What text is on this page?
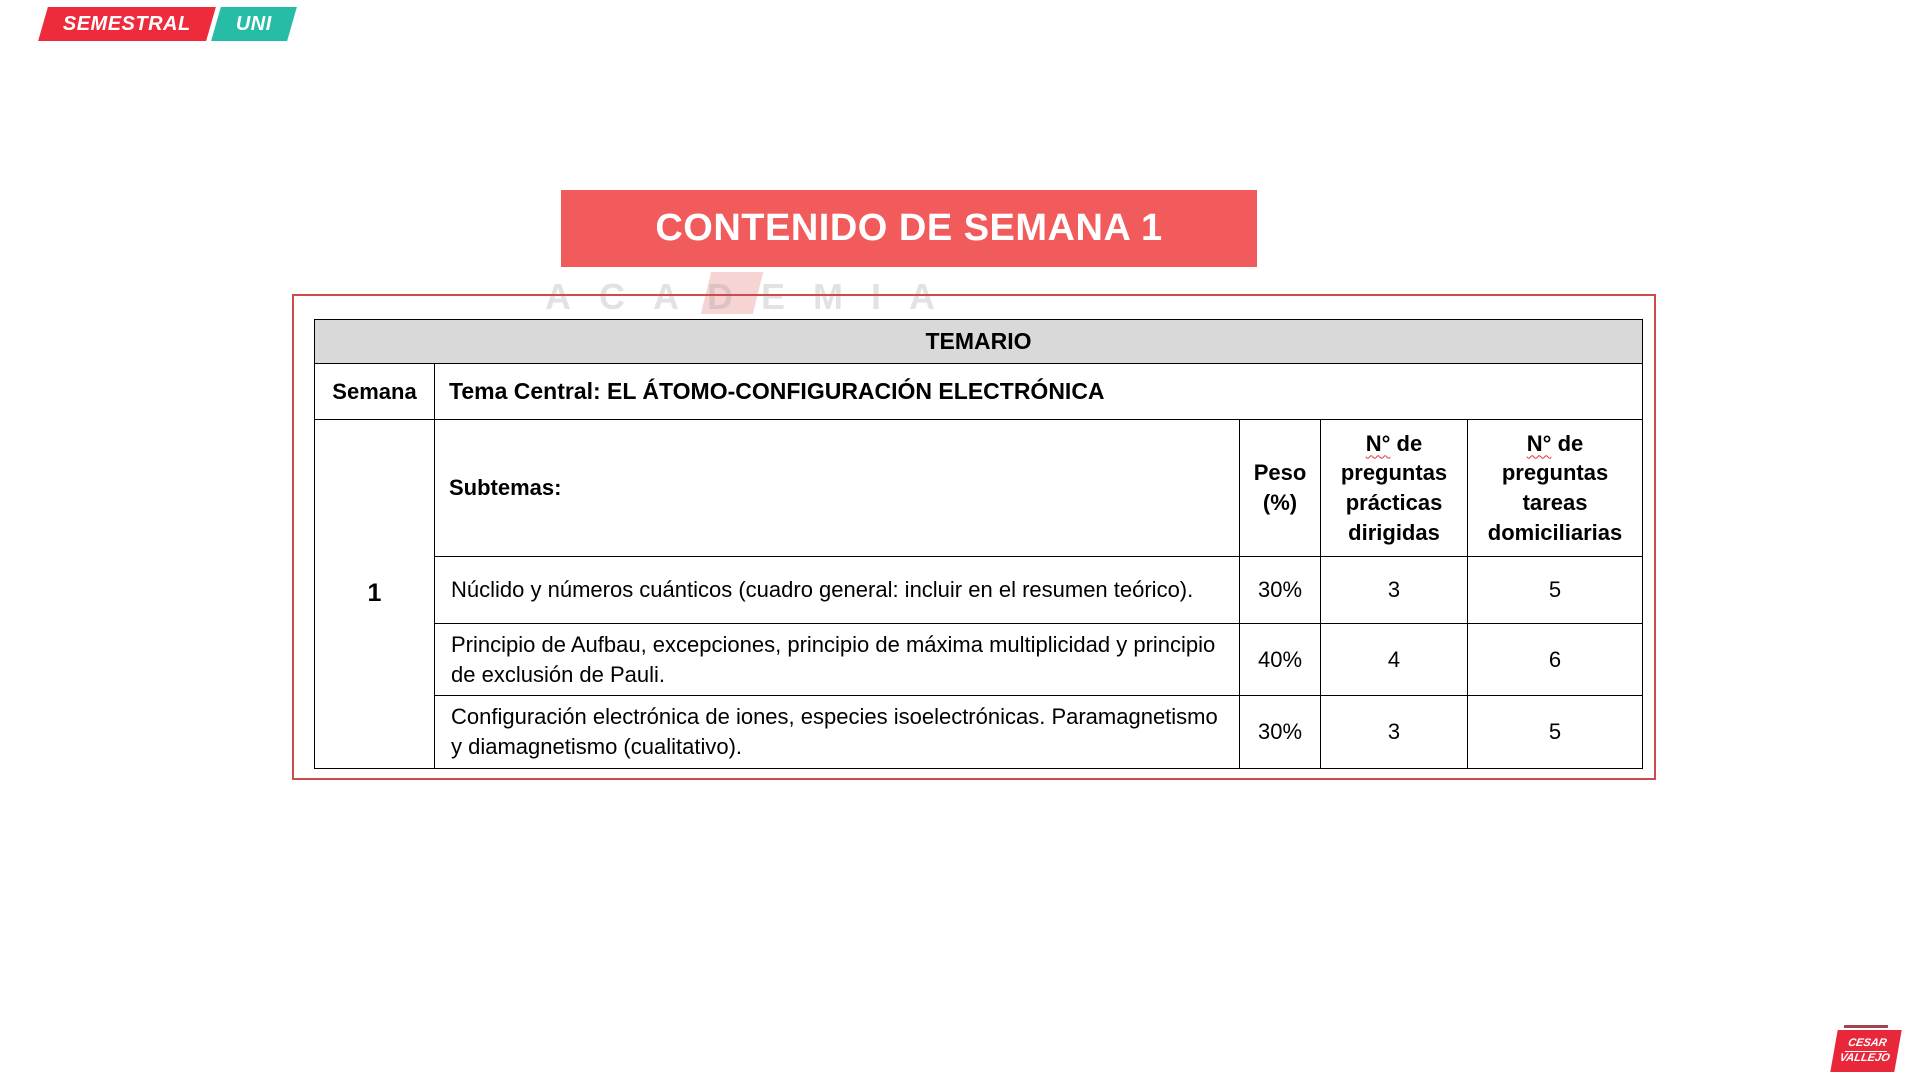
SEMESTRAL UNI
ACADEMIA
CONTENIDO DE SEMANA 1
TEMARIO				
Semana	Tema Central: EL ÁTOMO-CONFIGURACIÓN ELECTRÓNICA			
1	Subtemas:	Peso (%)	N° de preguntas prácticas dirigidas	N° de preguntas tareas domiciliarias
	Núclido y números cuánticos (cuadro general: incluir en el resumen teórico).	30%	3	5
	Principio de Aufbau, excepciones, principio de máxima multiplicidad y principio de exclusión de Pauli.	40%	4	6
	Configuración electrónica de iones, especies isoelectrónicas. Paramagnetismo y diamagnetismo (cualitativo).	30%	3	5
CESAR
VALLEJO
